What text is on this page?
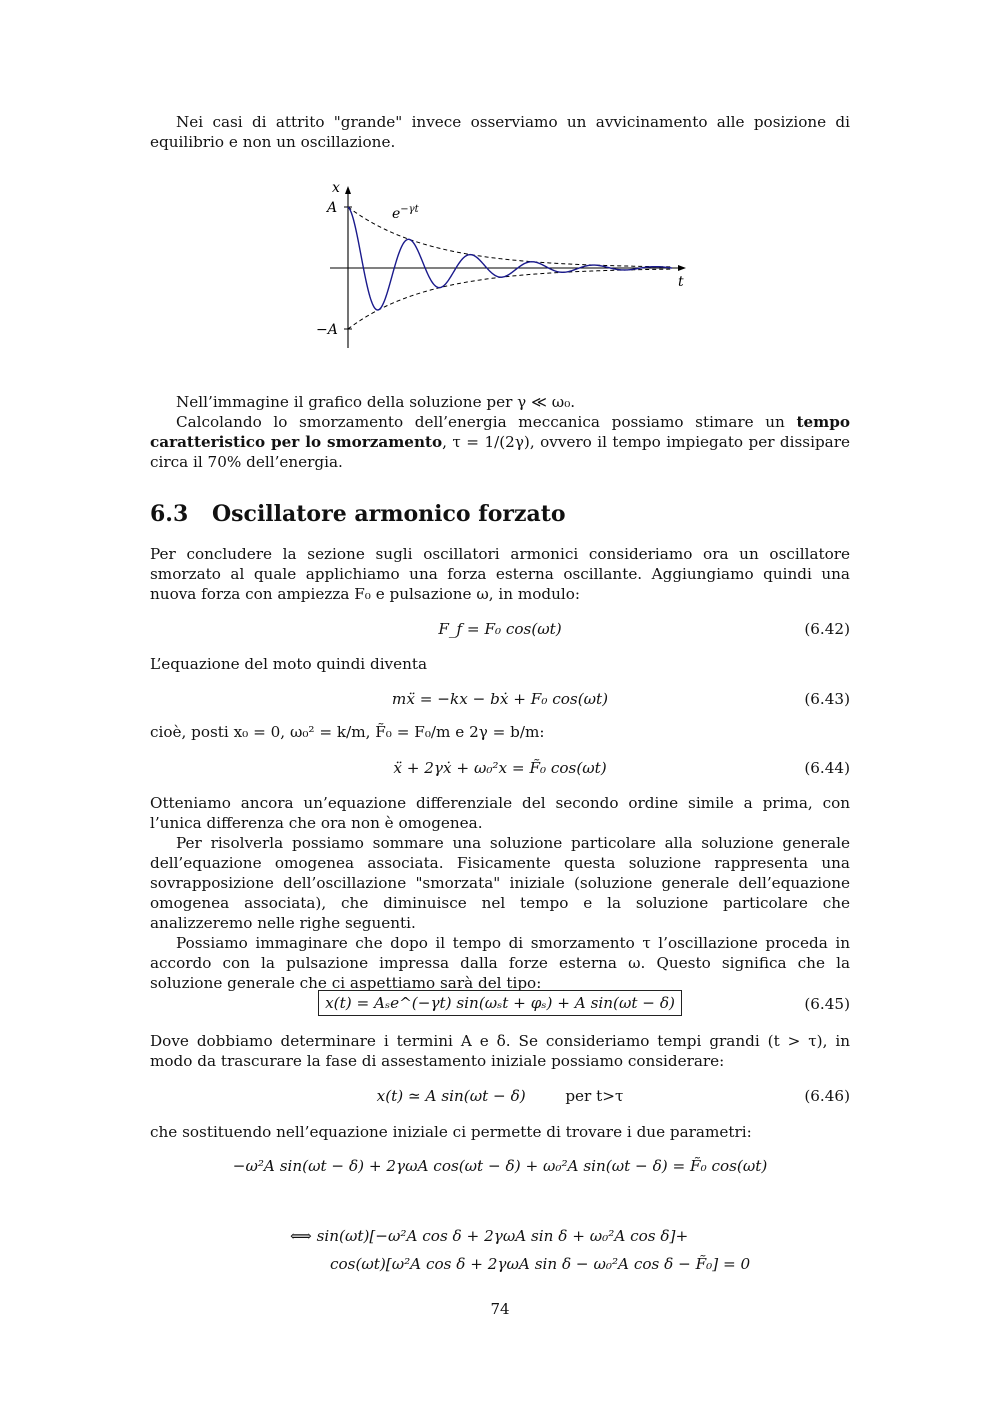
Nei casi di attrito "grande" invece osserviamo un avvicinamento alle posizione di equilibrio e non un oscillazione.

x
t
A
−A
$e^{-\gamma t}$

Nell’immagine il grafico della soluzione per γ ≪ ω₀.

Calcolando lo smorzamento dell’energia meccanica possiamo stimare un tempo caratteristico per lo smorzamento, τ = 1/(2γ), ovvero il tempo impiegato per dissipare circa il 70% dell’energia.

6.3 Oscillatore armonico forzato

Per concludere la sezione sugli oscillatori armonici consideriamo ora un oscillatore smorzato al quale applichiamo una forza esterna oscillante. Aggiungiamo quindi una nuova forza con ampiezza F₀ e pulsazione ω, in modulo:

F_f = F₀ cos(ωt)	(6.42)

L’equazione del moto quindi diventa

mẍ = −kx − bẋ + F₀ cos(ωt)	(6.43)

cioè, posti x₀ = 0, ω₀² = k/m, F̃₀ = F₀/m e 2γ = b/m:

ẍ + 2γẋ + ω₀²x = F̃₀ cos(ωt)	(6.44)

Otteniamo ancora un’equazione differenziale del secondo ordine simile a prima, con l’unica differenza che ora non è omogenea.

Per risolverla possiamo sommare una soluzione particolare alla soluzione generale dell’equazione omogenea associata. Fisicamente questa soluzione rappresenta una sovrapposizione dell’oscillazione "smorzata" iniziale (soluzione generale dell’equazione omogenea associata), che diminuisce nel tempo e la soluzione particolare che analizzeremo nelle righe seguenti.

Possiamo immaginare che dopo il tempo di smorzamento τ l’oscillazione proceda in accordo con la pulsazione impressa dalla forze esterna ω. Questo significa che la soluzione generale che ci aspettiamo sarà del tipo:

x(t) = Aₛe^(−γt) sin(ωₛt + φₛ) + A sin(ωt − δ)	(6.45)

Dove dobbiamo determinare i termini A e δ. Se consideriamo tempi grandi (t > τ), in modo da trascurare la fase di assestamento iniziale possiamo considerare:

x(t) ≃ A sin(ωt − δ)	per t>τ	(6.46)

che sostituendo nell’equazione iniziale ci permette di trovare i due parametri:

−ω²A sin(ωt − δ) + 2γωA cos(ωt − δ) + ω₀²A sin(ωt − δ) = F̃₀ cos(ωt)
⟺ sin(ωt)[−ω²A cos δ + 2γωA sin δ + ω₀²A cos δ]+
cos(ωt)[ω²A cos δ + 2γωA sin δ − ω₀²A cos δ − F̃₀] = 0
74
